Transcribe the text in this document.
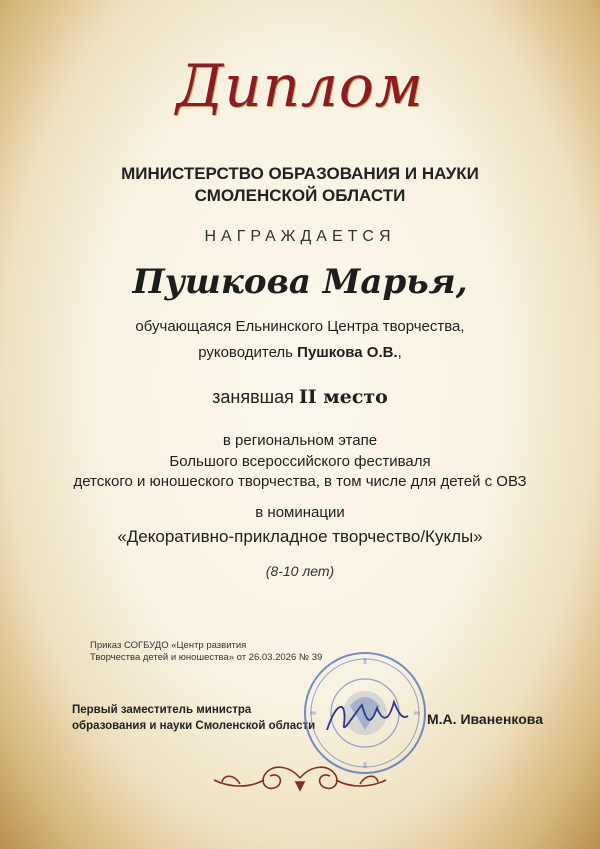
Диплом
МИНИСТЕРСТВО ОБРАЗОВАНИЯ И НАУКИ
СМОЛЕНСКОЙ ОБЛАСТИ
НАГРАЖДАЕТСЯ
Пушкова Марья,
обучающаяся Ельнинского Центра творчества,
руководитель Пушкова О.В.,
занявшая II место
в региональном этапе
Большого всероссийского фестиваля
детского и юношеского творчества, в том числе для детей с ОВЗ
в номинации
«Декоративно-прикладное творчество/Куклы»
(8-10 лет)
Приказ СОГБУДО «Центр развития
Творчества детей и юношества» от 26.03.2026 № 39
Первый заместитель министра
образования и науки Смоленской области	М.А. Иваненкова
